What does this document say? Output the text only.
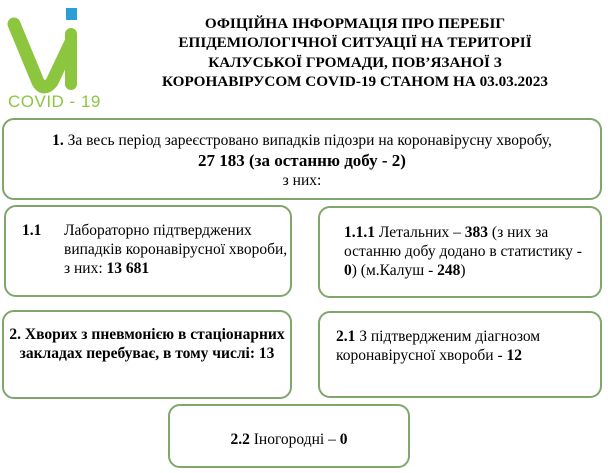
COVID - 19
ОФІЦІЙНА ІНФОРМАЦІЯ ПРО ПЕРЕБІГ
ЕПІДЕМІОЛОГІЧНОЇ СИТУАЦІЇ НА ТЕРИТОРІЇ
КАЛУСЬКОЇ ГРОМАДИ, ПОВ’ЯЗАНОЇ З
КОРОНАВІРУСОМ COVID-19 СТАНОМ НА 03.03.2023
1. За весь період зареєстровано випадків підозри на коронавірусну хворобу,
27 183 (за останню добу - 2)
з них:
1.1 Лабораторно підтверджених випадків коронавірусної хвороби, з них: 13 681
1.1.1 Летальних – 383 (з них за останню добу додано в статистику - 0) (м.Калуш - 248)
2. Хворих з пневмонією в стаціонарних закладах перебуває, в тому числі: 13
2.1 З підтвердженим діагнозом коронавірусної хвороби - 12
2.2 Іногородні – 0
